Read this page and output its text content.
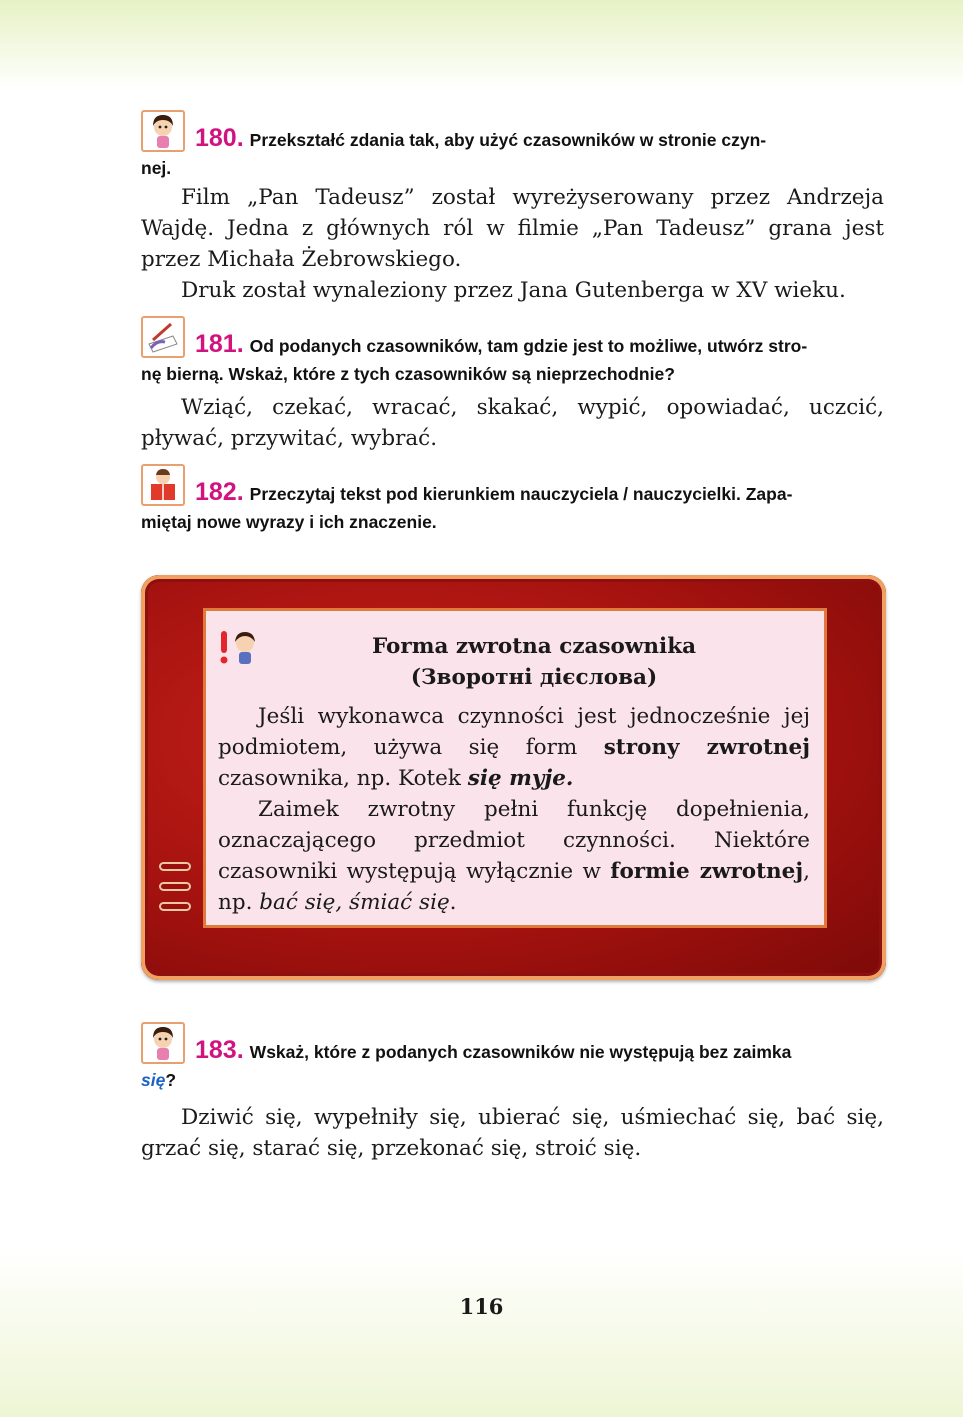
180. Przekształć zdania tak, aby użyć czasowników w stronie czyn-
nej.

Film „Pan Tadeusz” został wyreżyserowany przez Andrzeja Wajdę. Jedna z głównych ról w filmie „Pan Tadeusz” grana jest przez Michała Żebrowskiego.

Druk został wynaleziony przez Jana Gutenberga w XV wieku.

181. Od podanych czasowników, tam gdzie jest to możliwe, utwórz stro-
nę bierną. Wskaż, które z tych czasowników są nieprzechodnie?

Wziąć, czekać, wracać, skakać, wypić, opowiadać, uczcić, pływać, przywitać, wybrać.

182. Przeczytaj tekst pod kierunkiem nauczyciela / nauczycielki. Zapa-
miętaj nowe wyrazy i ich znaczenie.
Forma zwrotna czasownika
(Зворотні дієслова)

Jeśli wykonawca czynności jest jednocześnie jej podmiotem, używa się form strony zwrotnej czasownika, np. Kotek się myje.

Zaimek zwrotny pełni funkcję dopełnienia, oznaczającego przedmiot czynności. Niektóre czasowniki występują wyłącznie w formie zwrotnej, np. bać się, śmiać się.

183. Wskaż, które z podanych czasowników nie występują bez zaimka
się?

Dziwić się, wypełniły się, ubierać się, uśmiechać się, bać się, grzać się, starać się, przekonać się, stroić się.

116
